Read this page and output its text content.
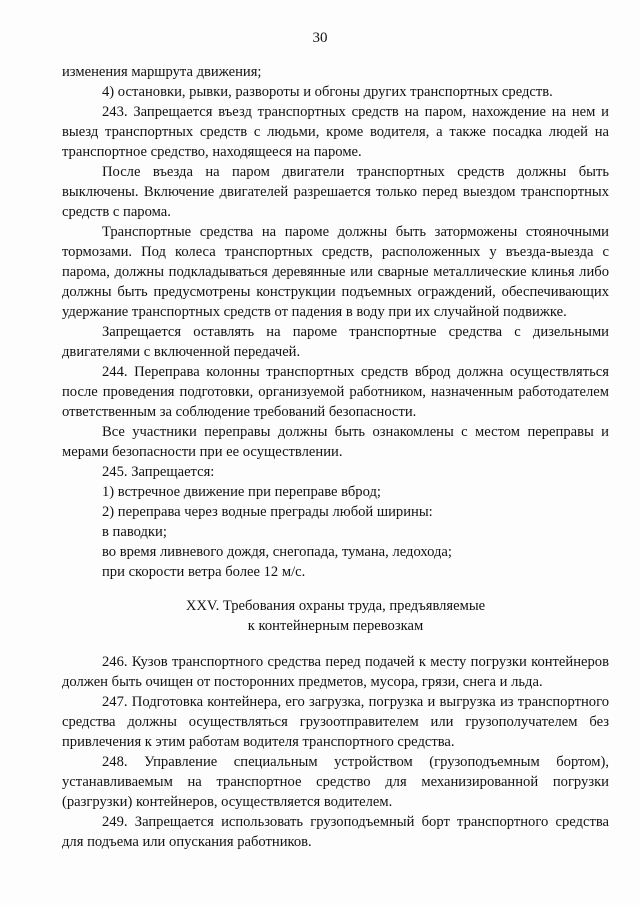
30

изменения маршрута движения;

4) остановки, рывки, развороты и обгоны других транспортных средств.

243. Запрещается въезд транспортных средств на паром, нахождение на нем и выезд транспортных средств с людьми, кроме водителя, а также посадка людей на транспортное средство, находящееся на пароме.

После въезда на паром двигатели транспортных средств должны быть выключены. Включение двигателей разрешается только перед выездом транспортных средств с парома.

Транспортные средства на пароме должны быть заторможены стояночными тормозами. Под колеса транспортных средств, расположенных у въезда-выезда с парома, должны подкладываться деревянные или сварные металлические клинья либо должны быть предусмотрены конструкции подъемных ограждений, обеспечивающих удержание транспортных средств от падения в воду при их случайной подвижке.

Запрещается оставлять на пароме транспортные средства с дизельными двигателями с включенной передачей.

244. Переправа колонны транспортных средств вброд должна осуществляться после проведения подготовки, организуемой работником, назначенным работодателем ответственным за соблюдение требований безопасности.

Все участники переправы должны быть ознакомлены с местом переправы и мерами безопасности при ее осуществлении.

245. Запрещается:

1) встречное движение при переправе вброд;

2) переправа через водные преграды любой ширины:

в паводки;

во время ливневого дождя, снегопада, тумана, ледохода;

при скорости ветра более 12 м/с.

XXV. Требования охраны труда, предъявляемые
к контейнерным перевозкам

246. Кузов транспортного средства перед подачей к месту погрузки контейнеров должен быть очищен от посторонних предметов, мусора, грязи, снега и льда.

247. Подготовка контейнера, его загрузка, погрузка и выгрузка из транспортного средства должны осуществляться грузоотправителем или грузополучателем без привлечения к этим работам водителя транспортного средства.

248. Управление специальным устройством (грузоподъемным бортом), устанавливаемым на транспортное средство для механизированной погрузки (разгрузки) контейнеров, осуществляется водителем.

249. Запрещается использовать грузоподъемный борт транспортного средства для подъема или опускания работников.
